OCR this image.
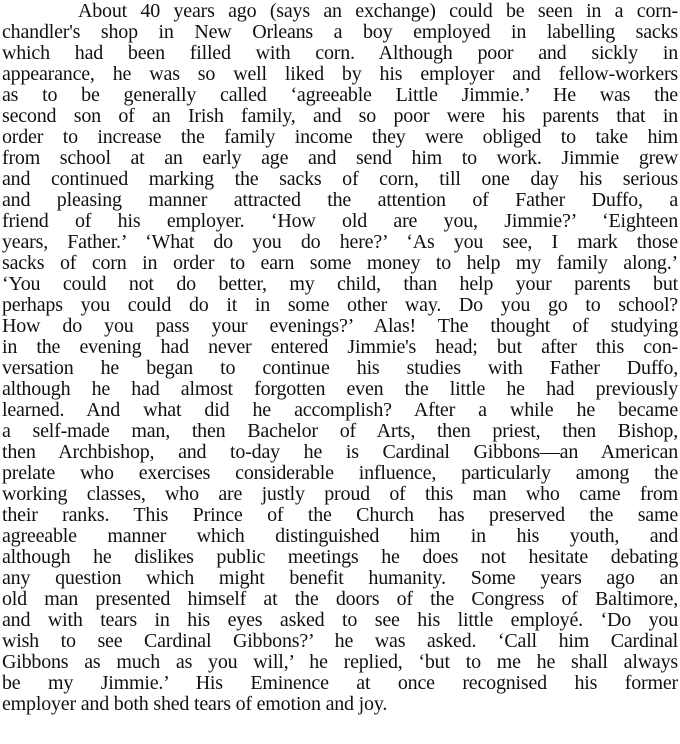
About 40 years ago (says an exchange) could be seen in a corn-
chandler's shop in New Orleans a boy employed in labelling sacks
which had been filled with corn. Although poor and sickly in
appearance, he was so well liked by his employer and fellow-workers
as to be generally called ‘agreeable Little Jimmie.’ He was the
second son of an Irish family, and so poor were his parents that in
order to increase the family income they were obliged to take him
from school at an early age and send him to work. Jimmie grew
and continued marking the sacks of corn, till one day his serious
and pleasing manner attracted the attention of Father Duffo, a
friend of his employer. ‘How old are you, Jimmie?’ ‘Eighteen
years, Father.’ ‘What do you do here?’ ‘As you see, I mark those
sacks of corn in order to earn some money to help my family along.’
‘You could not do better, my child, than help your parents but
perhaps you could do it in some other way. Do you go to school?
How do you pass your evenings?’ Alas! The thought of studying
in the evening had never entered Jimmie's head; but after this con-
versation he began to continue his studies with Father Duffo,
although he had almost forgotten even the little he had previously
learned. And what did he accomplish? After a while he became
a self-made man, then Bachelor of Arts, then priest, then Bishop,
then Archbishop, and to-day he is Cardinal Gibbons—an American
prelate who exercises considerable influence, particularly among the
working classes, who are justly proud of this man who came from
their ranks. This Prince of the Church has preserved the same
agreeable manner which distinguished him in his youth, and
although he dislikes public meetings he does not hesitate debating
any question which might benefit humanity. Some years ago an
old man presented himself at the doors of the Congress of Baltimore,
and with tears in his eyes asked to see his little employé. ‘Do you
wish to see Cardinal Gibbons?’ he was asked. ‘Call him Cardinal
Gibbons as much as you will,’ he replied, ‘but to me he shall always
be my Jimmie.’ His Eminence at once recognised his former
employer and both shed tears of emotion and joy.
